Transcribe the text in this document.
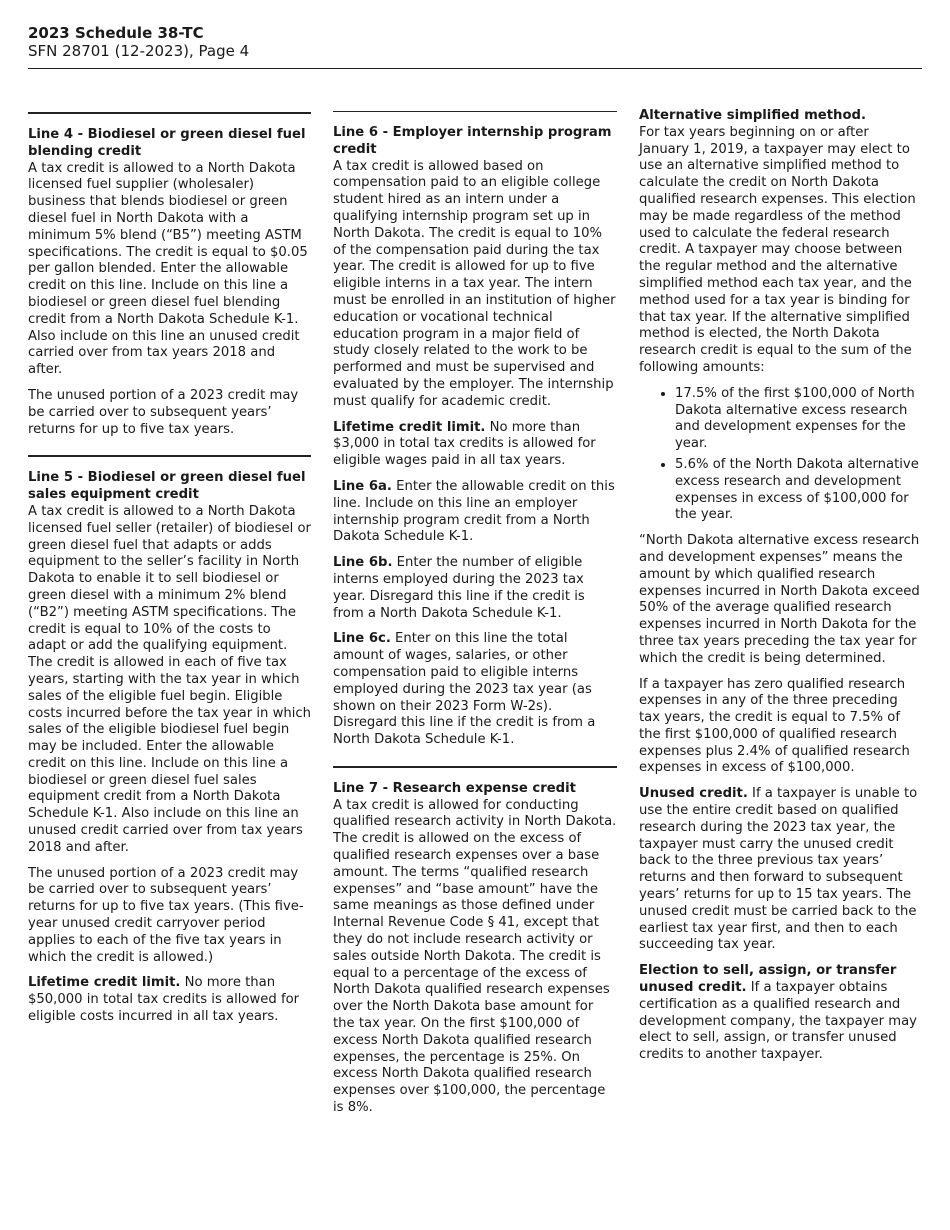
2023 Schedule 38-TC
SFN 28701 (12-2023), Page 4

Line 4 - Biodiesel or green diesel fuel blending credit
A tax credit is allowed to a North Dakota licensed fuel supplier (wholesaler) business that blends biodiesel or green diesel fuel in North Dakota with a minimum 5% blend (“B5”) meeting ASTM specifications. The credit is equal to $0.05 per gallon blended. Enter the allowable credit on this line. Include on this line a biodiesel or green diesel fuel blending credit from a North Dakota Schedule K-1. Also include on this line an unused credit carried over from tax years 2018 and after.

The unused portion of a 2023 credit may be carried over to subsequent years’ returns for up to five tax years.

Line 5 - Biodiesel or green diesel fuel sales equipment credit
A tax credit is allowed to a North Dakota licensed fuel seller (retailer) of biodiesel or green diesel fuel that adapts or adds equipment to the seller’s facility in North Dakota to enable it to sell biodiesel or green diesel with a minimum 2% blend (“B2”) meeting ASTM specifications. The credit is equal to 10% of the costs to adapt or add the qualifying equipment. The credit is allowed in each of five tax years, starting with the tax year in which sales of the eligible fuel begin. Eligible costs incurred before the tax year in which sales of the eligible biodiesel fuel begin may be included. Enter the allowable credit on this line. Include on this line a biodiesel or green diesel fuel sales equipment credit from a North Dakota Schedule K-1. Also include on this line an unused credit carried over from tax years 2018 and after.

The unused portion of a 2023 credit may be carried over to subsequent years’ returns for up to five tax years. (This five-year unused credit carryover period applies to each of the five tax years in which the credit is allowed.)

Lifetime credit limit. No more than $50,000 in total tax credits is allowed for eligible costs incurred in all tax years.

Line 6 - Employer internship program credit
A tax credit is allowed based on compensation paid to an eligible college student hired as an intern under a qualifying internship program set up in North Dakota. The credit is equal to 10% of the compensation paid during the tax year. The credit is allowed for up to five eligible interns in a tax year. The intern must be enrolled in an institution of higher education or vocational technical education program in a major field of study closely related to the work to be performed and must be supervised and evaluated by the employer. The internship must qualify for academic credit.

Lifetime credit limit. No more than $3,000 in total tax credits is allowed for eligible wages paid in all tax years.

Line 6a. Enter the allowable credit on this line. Include on this line an employer internship program credit from a North Dakota Schedule K-1.

Line 6b. Enter the number of eligible interns employed during the 2023 tax year. Disregard this line if the credit is from a North Dakota Schedule K-1.

Line 6c. Enter on this line the total amount of wages, salaries, or other compensation paid to eligible interns employed during the 2023 tax year (as shown on their 2023 Form W-2s). Disregard this line if the credit is from a North Dakota Schedule K-1.

Line 7 - Research expense credit
A tax credit is allowed for conducting qualified research activity in North Dakota. The credit is allowed on the excess of qualified research expenses over a base amount. The terms “qualified research expenses” and “base amount” have the same meanings as those defined under Internal Revenue Code § 41, except that they do not include research activity or sales outside North Dakota. The credit is equal to a percentage of the excess of North Dakota qualified research expenses over the North Dakota base amount for the tax year. On the first $100,000 of excess North Dakota qualified research expenses, the percentage is 25%. On excess North Dakota qualified research expenses over $100,000, the percentage is 8%.

Alternative simplified method.
For tax years beginning on or after January 1, 2019, a taxpayer may elect to use an alternative simplified method to calculate the credit on North Dakota qualified research expenses. This election may be made regardless of the method used to calculate the federal research credit. A taxpayer may choose between the regular method and the alternative simplified method each tax year, and the method used for a tax year is binding for that tax year. If the alternative simplified method is elected, the North Dakota research credit is equal to the sum of the following amounts:

• 17.5% of the first $100,000 of North Dakota alternative excess research and development expenses for the year.
• 5.6% of the North Dakota alternative excess research and development expenses in excess of $100,000 for the year.

“North Dakota alternative excess research and development expenses” means the amount by which qualified research expenses incurred in North Dakota exceed 50% of the average qualified research expenses incurred in North Dakota for the three tax years preceding the tax year for which the credit is being determined.

If a taxpayer has zero qualified research expenses in any of the three preceding tax years, the credit is equal to 7.5% of the first $100,000 of qualified research expenses plus 2.4% of qualified research expenses in excess of $100,000.

Unused credit. If a taxpayer is unable to use the entire credit based on qualified research during the 2023 tax year, the taxpayer must carry the unused credit back to the three previous tax years’ returns and then forward to subsequent years’ returns for up to 15 tax years. The unused credit must be carried back to the earliest tax year first, and then to each succeeding tax year.

Election to sell, assign, or transfer unused credit. If a taxpayer obtains certification as a qualified research and development company, the taxpayer may elect to sell, assign, or transfer unused credits to another taxpayer.
